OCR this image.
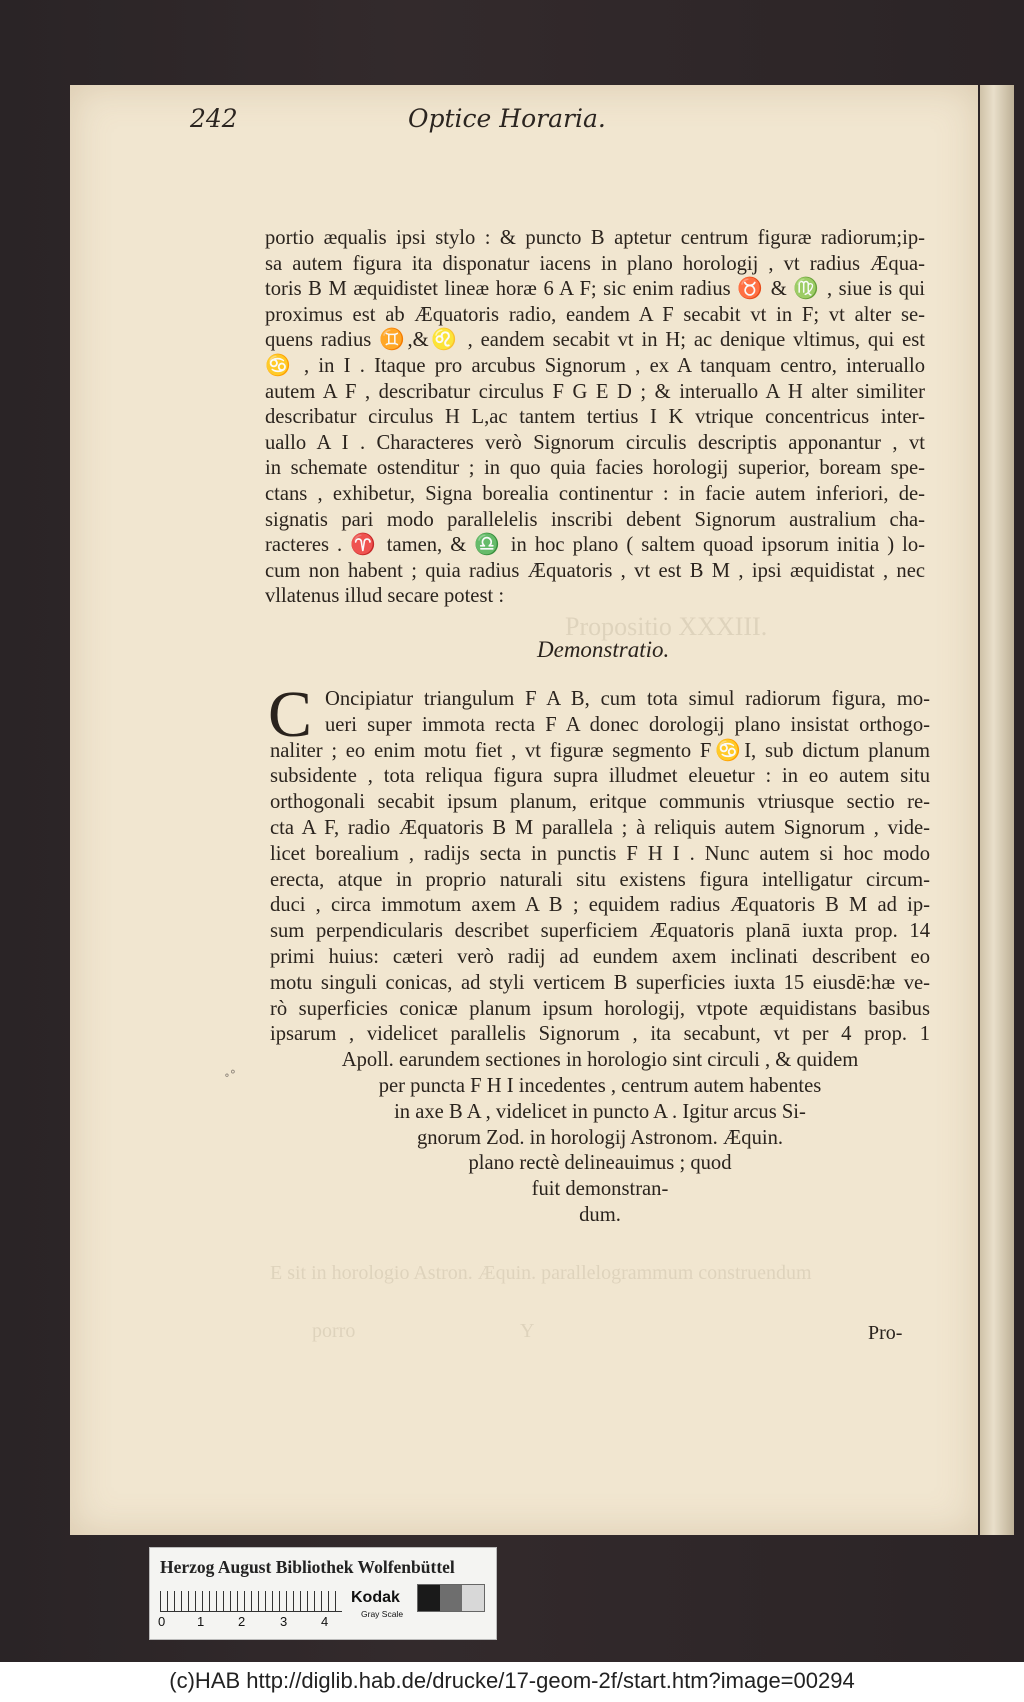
Propositio XXXIII.
E sit in horologio Astron. Æquin. parallelogrammum construendum
porro	Y
242	Optice Horaria.
portio æqualis ipsi stylo : & puncto B aptetur centrum figuræ radiorum;ip-
sa autem figura ita disponatur iacens in plano horologij , vt radius Æqua-
toris B M æquidistet lineæ horæ 6 A F; sic enim radius ♉ & ♍ , siue is qui
proximus est ab Æquatoris radio, eandem A F secabit vt in F; vt alter se-
quens radius ♊,&♌ , eandem secabit vt in H; ac denique vltimus, qui est
♋ , in I . Itaque pro arcubus Signorum , ex A tanquam centro, interuallo
autem A F , describatur circulus F G E D ; & interuallo A H alter similiter
describatur circulus H L,ac tantem tertius I K vtrique concentricus inter-
uallo A I . Characteres verò Signorum circulis descriptis apponantur , vt
in schemate ostenditur ; in quo quia facies horologij superior, boream spe-
ctans , exhibetur, Signa borealia continentur : in facie autem inferiori, de-
signatis pari modo parallelelis inscribi debent Signorum australium cha-
racteres . ♈ tamen, & ♎ in hoc plano ( saltem quoad ipsorum initia ) lo-
cum non habent ; quia radius Æquatoris , vt est B M , ipsi æquidistat , nec
vllatenus illud secare potest :
Demonstratio.
C Oncipiatur triangulum F A B, cum tota simul radiorum figura, mo-
ueri super immota recta F A donec dorologij plano insistat orthogo-
naliter ; eo enim motu fiet , vt figuræ segmento F♋I, sub dictum planum
subsidente , tota reliqua figura supra illudmet eleuetur : in eo autem situ
orthogonali secabit ipsum planum, eritque communis vtriusque sectio re-
cta A F, radio Æquatoris B M parallela ; à reliquis autem Signorum , vide-
licet borealium , radijs secta in punctis F H I . Nunc autem si hoc modo
erecta, atque in proprio naturali situ existens figura intelligatur circum-
duci , circa immotum axem A B ; equidem radius Æquatoris B M ad ip-
sum perpendicularis describet superficiem Æquatoris planā iuxta prop. 14
primi huius: cæteri verò radij ad eundem axem inclinati describent eo
motu singuli conicas, ad styli verticem B superficies iuxta 15 eiusdē:hæ ve-
rò superficies conicæ planum ipsum horologij, vtpote æquidistans basibus
ipsarum , videlicet parallelis Signorum , ita secabunt, vt per 4 prop. 1
Apoll. earundem sectiones in horologio sint circuli , & quidem
per puncta F H I incedentes , centrum autem habentes
in axe B A , videlicet in puncto A . Igitur arcus Si-
gnorum Zod. in horologij Astronom. Æquin.
plano rectè delineauimus ; quod
fuit demonstran-
dum.
∘°
Pro-
Herzog August Bibliothek Wolfenbüttel
0 1	2	3	4
Kodak
Gray Scale
(c)HAB http://diglib.hab.de/drucke/17-geom-2f/start.htm?image=00294
